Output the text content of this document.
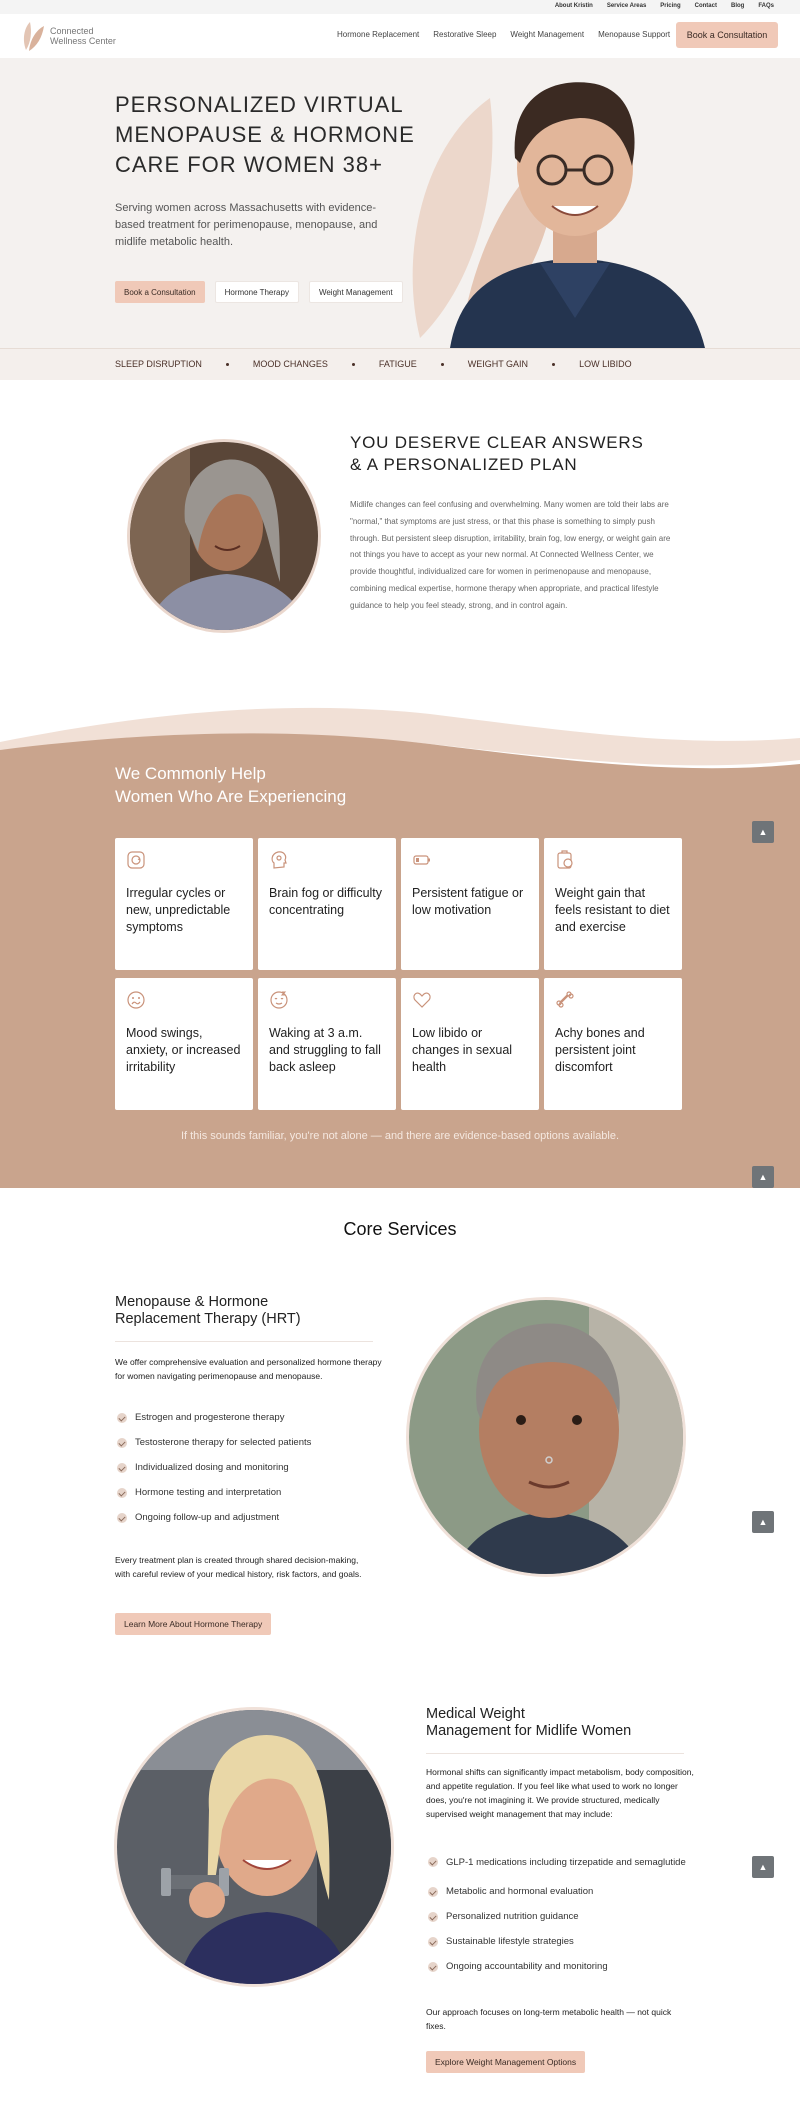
About Kristin Service Areas Pricing Contact Blog FAQs
Connected
Wellness Center
Hormone Replacement Restorative Sleep Weight Management Menopause Support	Book a Consultation
PERSONALIZED VIRTUAL MENOPAUSE & HORMONE CARE FOR WOMEN 38+
Serving women across Massachusetts with evidence-based treatment for perimenopause, menopause, and midlife metabolic health.
Book a Consultation	Hormone Therapy	Weight Management
SLEEP DISRUPTION	MOOD CHANGES	FATIGUE	WEIGHT GAIN	LOW LIBIDO
YOU DESERVE CLEAR ANSWERS
& A PERSONALIZED PLAN
Midlife changes can feel confusing and overwhelming. Many women are told their labs are "normal," that symptoms are just stress, or that this phase is something to simply push through. But persistent sleep disruption, irritability, brain fog, low energy, or weight gain are not things you have to accept as your new normal. At Connected Wellness Center, we provide thoughtful, individualized care for women in perimenopause and menopause, combining medical expertise, hormone therapy when appropriate, and practical lifestyle guidance to help you feel steady, strong, and in control again.
We Commonly Help
Women Who Are Experiencing
Irregular cycles or new, unpredictable symptoms
Brain fog or difficulty concentrating
Persistent fatigue or low motivation
Weight gain that feels resistant to diet and exercise
Mood swings, anxiety, or increased irritability
Waking at 3 a.m. and struggling to fall back asleep
Low libido or changes in sexual health
Achy bones and persistent joint discomfort
If this sounds familiar, you're not alone — and there are evidence-based options available.
▲
▲
Core Services
Menopause & Hormone
Replacement Therapy (HRT)
We offer comprehensive evaluation and personalized hormone therapy for women navigating perimenopause and menopause.
Estrogen and progesterone therapy
Testosterone therapy for selected patients
Individualized dosing and monitoring
Hormone testing and interpretation
Ongoing follow-up and adjustment
Every treatment plan is created through shared decision-making, with careful review of your medical history, risk factors, and goals.
Learn More About Hormone Therapy
▲
Medical Weight
Management for Midlife Women
Hormonal shifts can significantly impact metabolism, body composition, and appetite regulation. If you feel like what used to work no longer does, you're not imagining it. We provide structured, medically supervised weight management that may include:
GLP-1 medications including tirzepatide and semaglutide
Metabolic and hormonal evaluation
Personalized nutrition guidance
Sustainable lifestyle strategies
Ongoing accountability and monitoring
▲
Our approach focuses on long-term metabolic health — not quick fixes.
Explore Weight Management Options
